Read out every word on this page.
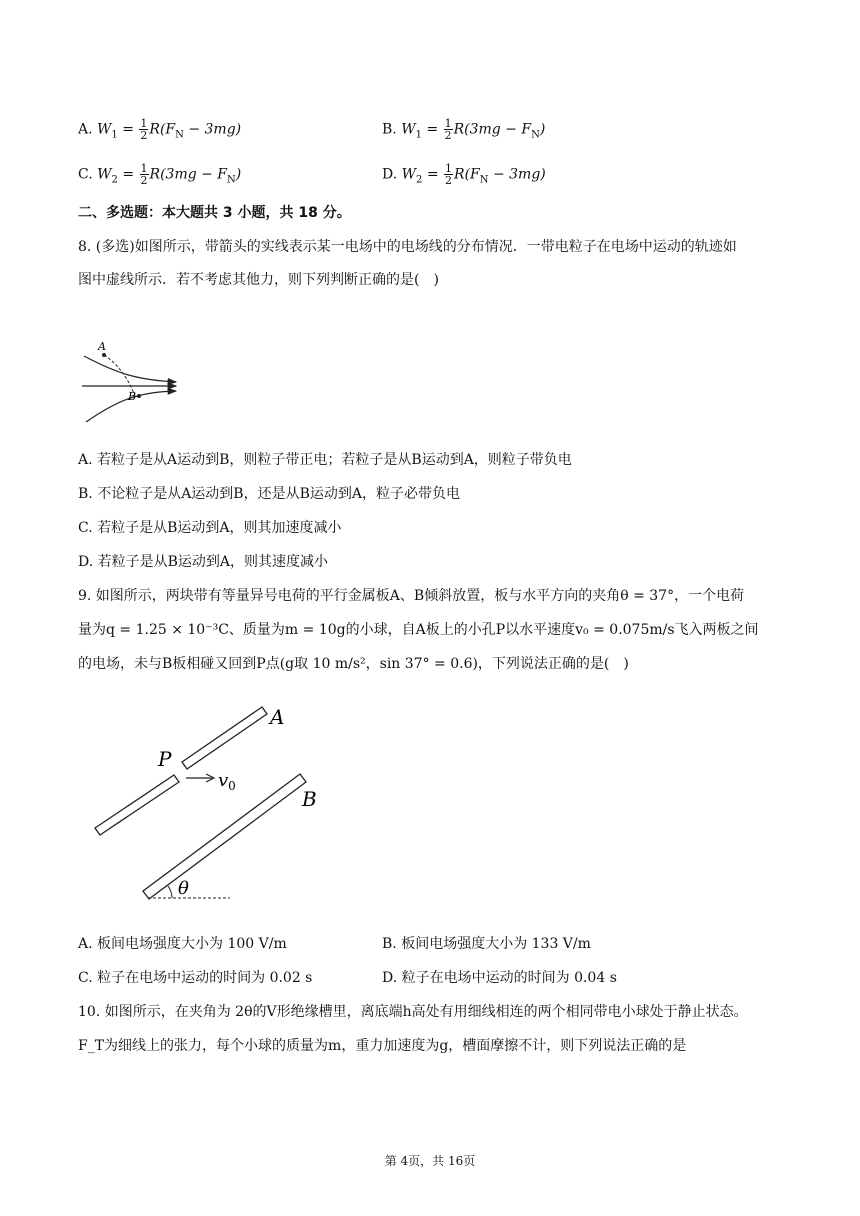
A. $W_1 = \frac{1}{2} R(F_N - 3mg)$	B. $W_1 = \frac{1}{2} R(3mg - F_N)$
C. $W_2 = \frac{1}{2} R(3mg - F_N)$	D. $W_2 = \frac{1}{2} R(F_N - 3mg)$
二、多选题：本大题共 3 小题，共 18 分。
8. (多选)如图所示，带箭头的实线表示某一电场中的电场线的分布情况．一带电粒子在电场中运动的轨迹如
图中虚线所示．若不考虑其他力，则下列判断正确的是(　)
A
B
A. 若粒子是从A运动到B，则粒子带正电；若粒子是从B运动到A，则粒子带负电
B. 不论粒子是从A运动到B，还是从B运动到A，粒子必带负电
C. 若粒子是从B运动到A，则其加速度减小
D. 若粒子是从B运动到A，则其速度减小
9. 如图所示，两块带有等量异号电荷的平行金属板A、B倾斜放置，板与水平方向的夹角θ = 37°，一个电荷
量为q = 1.25 × 10⁻³C、质量为m = 10g的小球，自A板上的小孔P以水平速度v₀ = 0.075m/s飞入两板之间
的电场，未与B板相碰又回到P点(g取 10 m/s²，sin 37° = 0.6)，下列说法正确的是(　)
A
P
$v_0$
B
θ
A. 板间电场强度大小为 100 V/m	B. 板间电场强度大小为 133 V/m
C. 粒子在电场中运动的时间为 0.02 s	D. 粒子在电场中运动的时间为 0.04 s
10. 如图所示，在夹角为 2θ的V形绝缘槽里，离底端h高处有用细线相连的两个相同带电小球处于静止状态。
F_T为细线上的张力，每个小球的质量为m，重力加速度为g，槽面摩擦不计，则下列说法正确的是
第 4页，共 16页
